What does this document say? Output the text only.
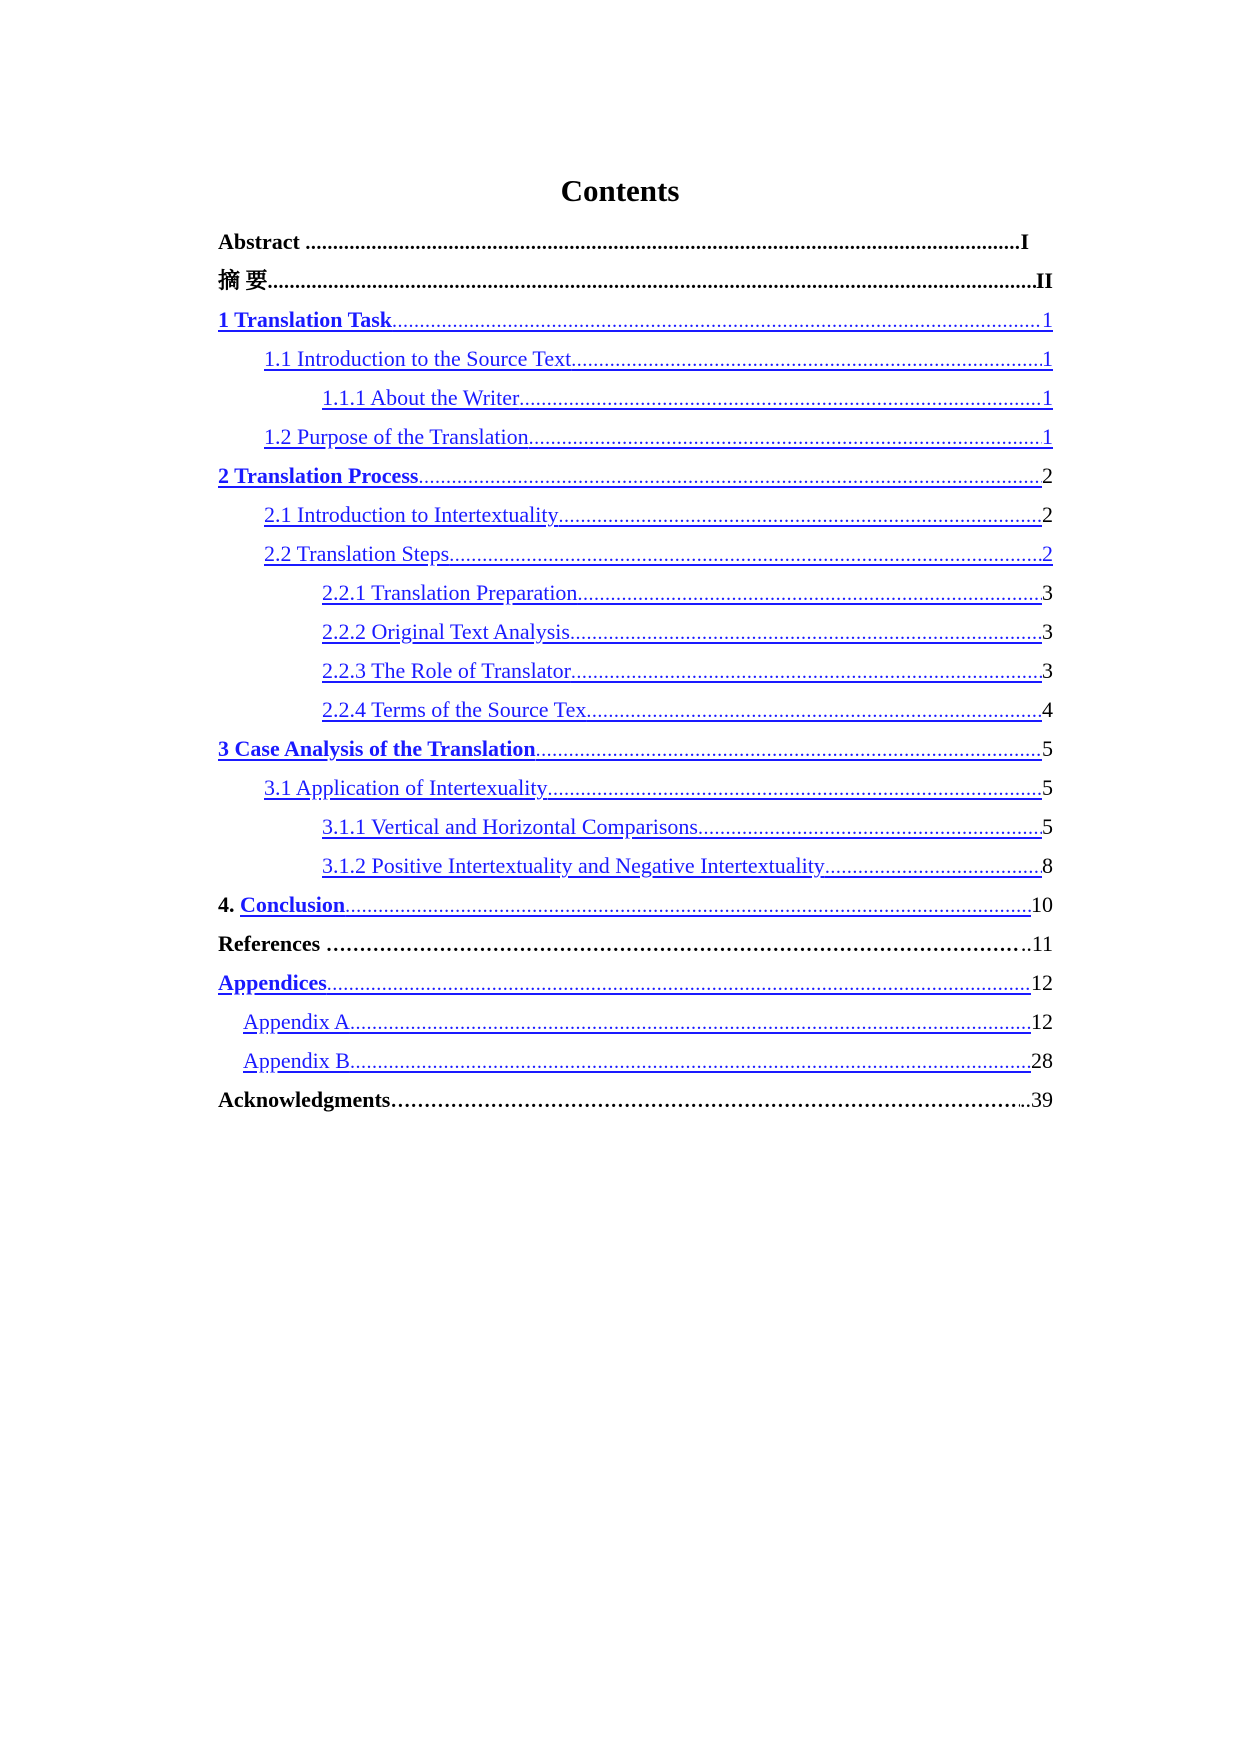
Contents
Abstract .....	I
摘 要 .....	II
1 Translation Task .....	1
1.1 Introduction to the Source Text .....	1
1.1.1 About the Writer .....	1
1.2 Purpose of the Translation .....	1
2 Translation Process .....	2
2.1 Introduction to Intertextuality .....	2
2.2 Translation Steps .....	2
2.2.1 Translation Preparation .....	3
2.2.2 Original Text Analysis .....	3
2.2.3 The Role of Translator .....	3
2.2.4 Terms of the Source Tex .....	4
3 Case Analysis of the Translation .....	5
3.1 Application of Intertexuality .....	5
3.1.1 Vertical and Horizontal Comparisons .....	5
3.1.2 Positive Intertextuality and Negative Intertextuality .....	8
4. Conclusion .....	10
References …………………………………………………………………………………………………………………………………………………………………………………	..11
Appendices .....	12
Appendix A .....	12
Appendix B .....	28
Acknowledgments …………………………………………………………………………………………………………………………………………………………………………………	..39
